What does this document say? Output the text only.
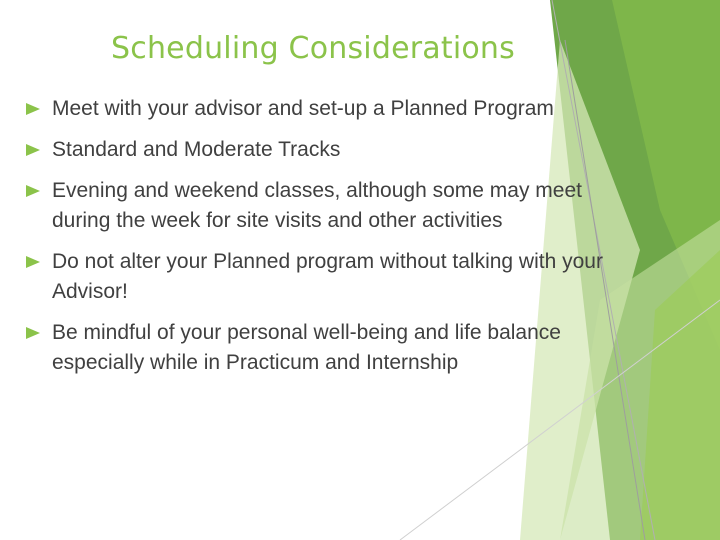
Scheduling Considerations
Meet with your advisor and set-up a Planned Program
Standard and Moderate Tracks
Evening and weekend classes, although some may meet during the week for site visits and other activities
Do not alter your Planned program without talking with your Advisor!
Be mindful of your personal well-being and life balance especially while in Practicum and Internship
